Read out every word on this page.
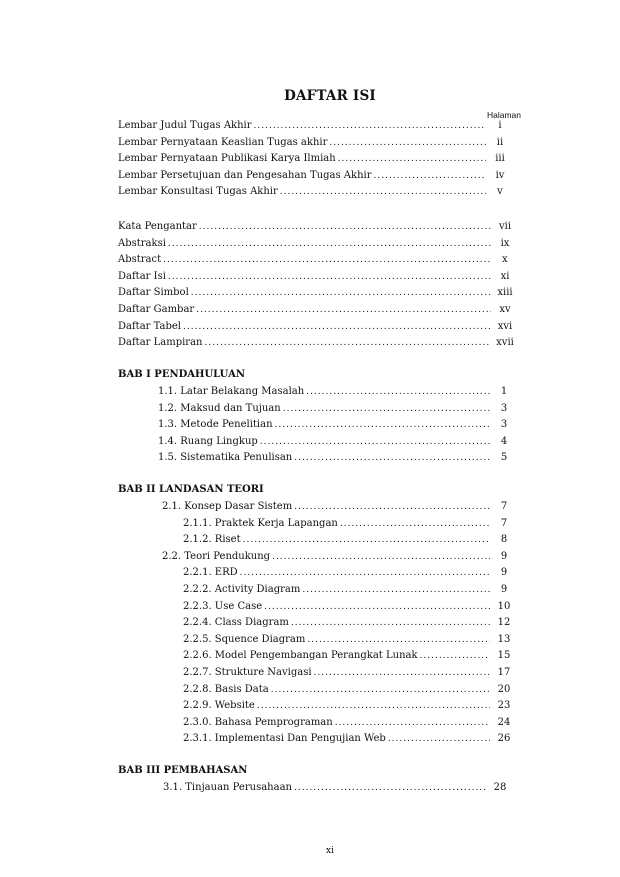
DAFTAR ISI
Halaman
Lembar Judul Tugas Akhir .....	i
Lembar Pernyataan Keaslian Tugas akhir .....	ii
Lembar Pernyataan Publikasi Karya Ilmiah .....	iii
Lembar Persetujuan dan Pengesahan Tugas Akhir .....	iv
Lembar Konsultasi Tugas Akhir .....	v
Kata Pengantar .....	vii
Abstraksi .....	ix
Abstract .....	x
Daftar Isi .....	xi
Daftar Simbol .....	xiii
Daftar Gambar .....	xv
Daftar Tabel .....	xvi
Daftar Lampiran .....	xvii
BAB I PENDAHULUAN
1.1. Latar Belakang Masalah .....	1
1.2. Maksud dan Tujuan .....	3
1.3. Metode Penelitian .....	3
1.4. Ruang Lingkup .....	4
1.5. Sistematika Penulisan .....	5
BAB II LANDASAN TEORI
2.1. Konsep Dasar Sistem .....	7
2.1.1. Praktek Kerja Lapangan .....	7
2.1.2. Riset .....	8
2.2. Teori Pendukung .....	9
2.2.1. ERD .....	9
2.2.2. Activity Diagram .....	9
2.2.3. Use Case .....	10
2.2.4. Class Diagram .....	12
2.2.5. Squence Diagram .....	13
2.2.6. Model Pengembangan Perangkat Lunak .....	15
2.2.7. Strukture Navigasi .....	17
2.2.8. Basis Data .....	20
2.2.9. Website .....	23
2.3.0. Bahasa Pemprograman .....	24
2.3.1. Implementasi Dan Pengujian Web .....	26
BAB III PEMBAHASAN
3.1. Tinjauan Perusahaan .....	28
xi
